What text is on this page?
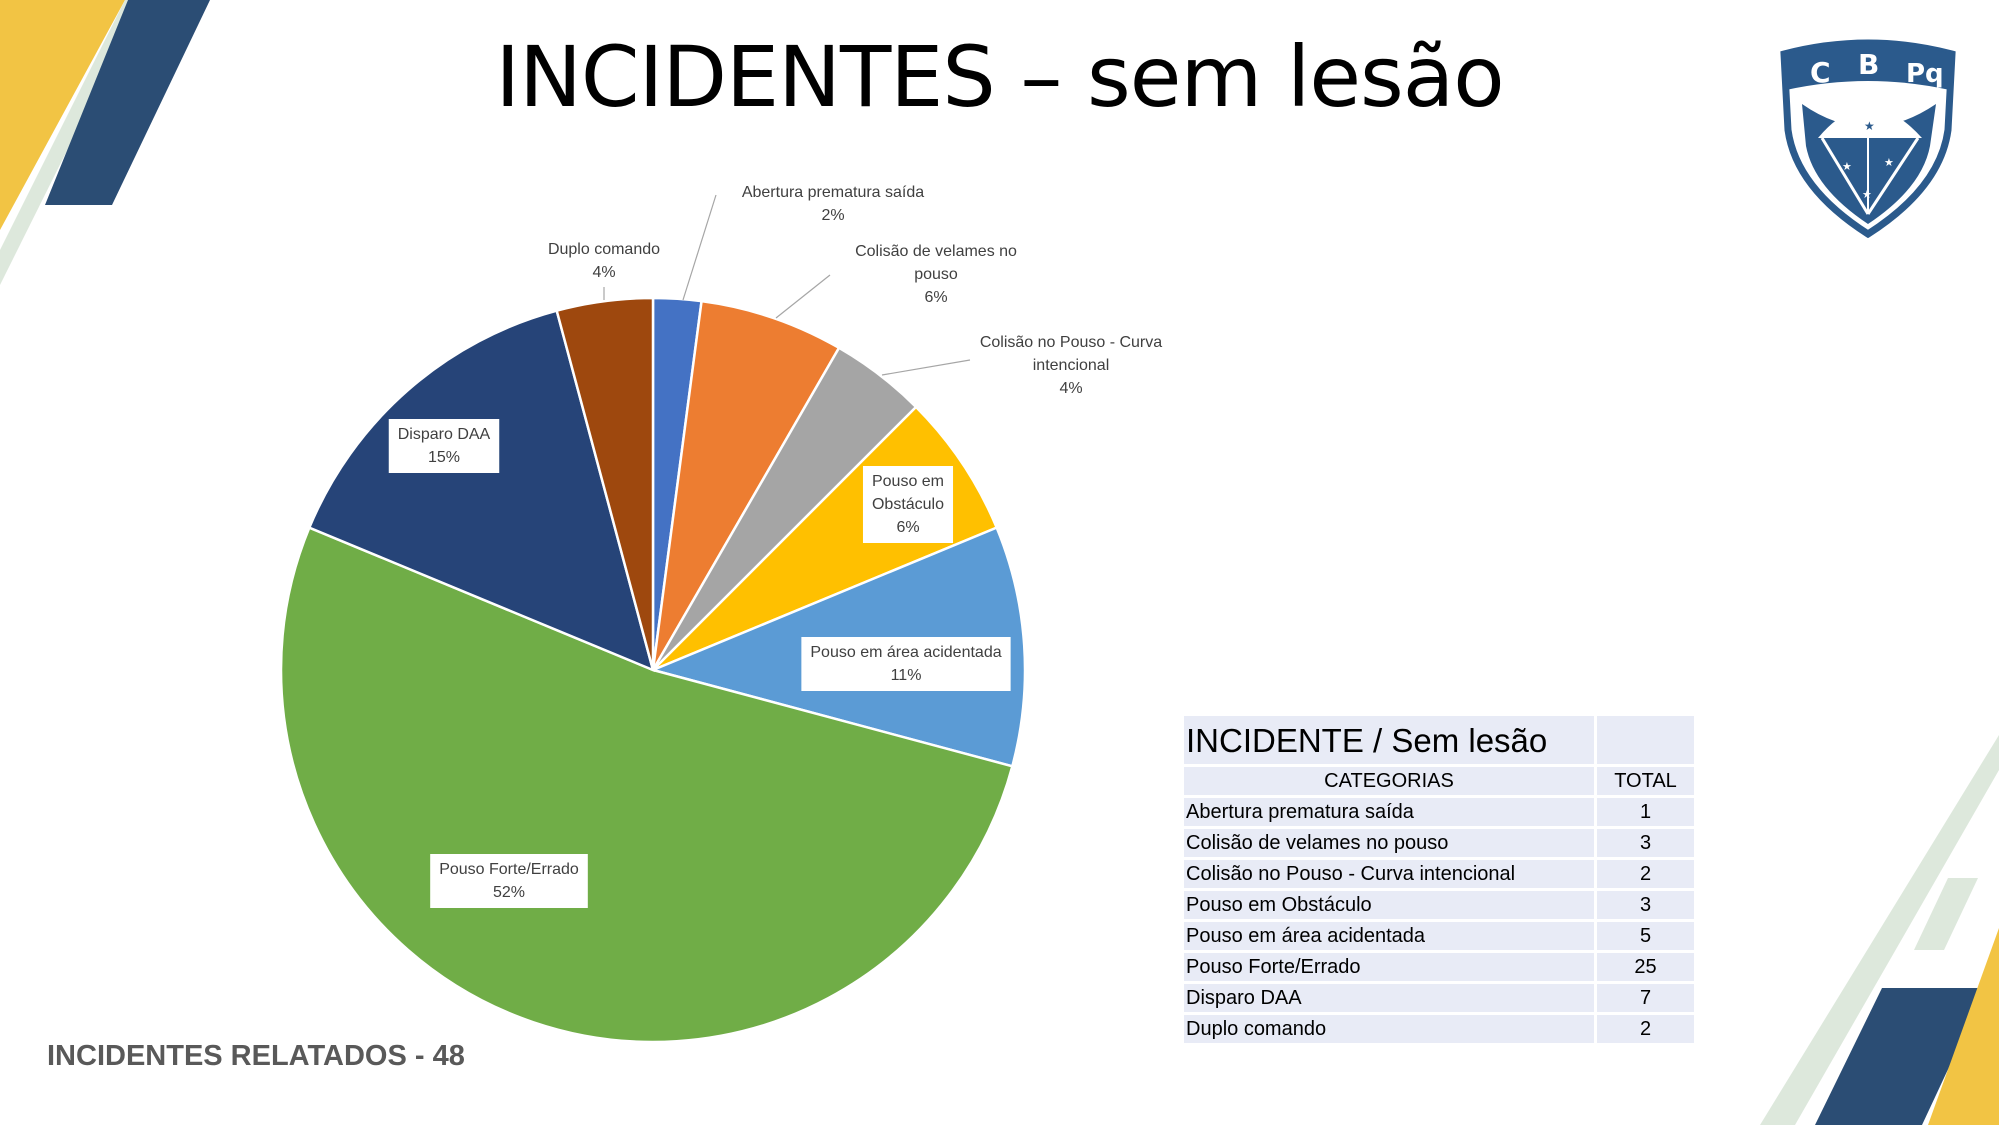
INCIDENTES – sem lesão	C B Pq
★
★	★
★
Abertura prematura saída
2%
Colisão de velames no
pouso
6%
Colisão no Pouso - Curva
intencional
4%
Pouso em
Obstáculo
6%
Pouso em área acidentada
11%
Pouso Forte/Errado
52%
Disparo DAA
15%
Duplo comando
4%
INCIDENTE / Sem lesão	
CATEGORIAS	TOTAL
Abertura prematura saída	1
Colisão de velames no pouso	3
Colisão no Pouso - Curva intencional	2
Pouso em Obstáculo	3
Pouso em área acidentada	5
Pouso Forte/Errado	25
Disparo DAA	7
Duplo comando	2
INCIDENTES RELATADOS - 48
